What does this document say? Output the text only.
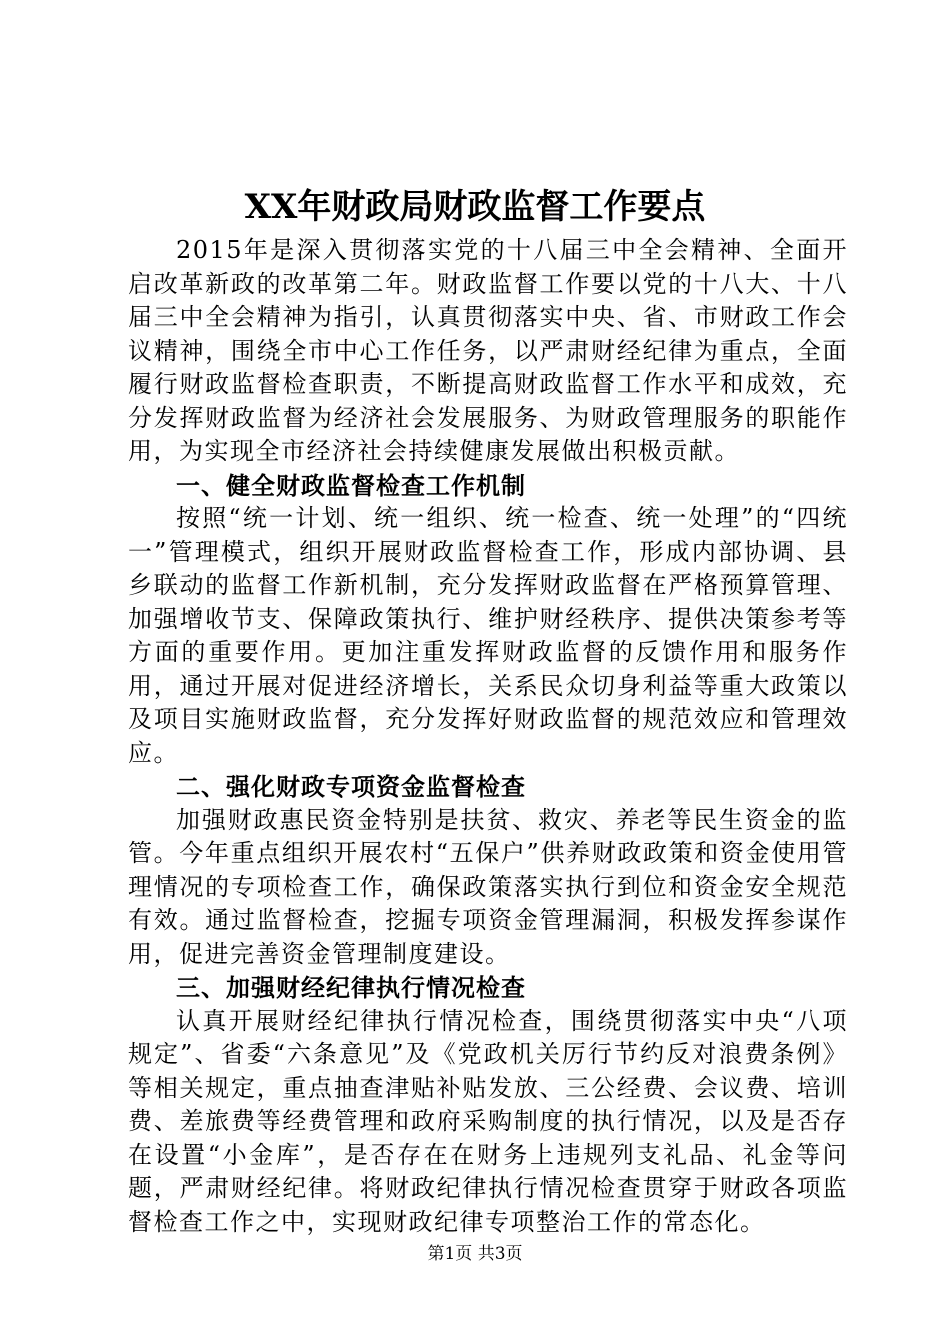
XX年财政局财政监督工作要点

2015年是深入贯彻落实党的十八届三中全会精神、全面开启改革新政的改革第二年。财政监督工作要以党的十八大、十八届三中全会精神为指引，认真贯彻落实中央、省、市财政工作会议精神，围绕全市中心工作任务，以严肃财经纪律为重点，全面履行财政监督检查职责，不断提高财政监督工作水平和成效，充分发挥财政监督为经济社会发展服务、为财政管理服务的职能作用，为实现全市经济社会持续健康发展做出积极贡献。

一、健全财政监督检查工作机制

按照“统一计划、统一组织、统一检查、统一处理”的“四统一”管理模式，组织开展财政监督检查工作，形成内部协调、县乡联动的监督工作新机制，充分发挥财政监督在严格预算管理、加强增收节支、保障政策执行、维护财经秩序、提供决策参考等方面的重要作用。更加注重发挥财政监督的反馈作用和服务作用，通过开展对促进经济增长，关系民众切身利益等重大政策以及项目实施财政监督，充分发挥好财政监督的规范效应和管理效应。

二、强化财政专项资金监督检查

加强财政惠民资金特别是扶贫、救灾、养老等民生资金的监管。今年重点组织开展农村“五保户”供养财政政策和资金使用管理情况的专项检查工作，确保政策落实执行到位和资金安全规范有效。通过监督检查，挖掘专项资金管理漏洞，积极发挥参谋作用，促进完善资金管理制度建设。

三、加强财经纪律执行情况检查

认真开展财经纪律执行情况检查，围绕贯彻落实中央“八项规定”、省委“六条意见”及《党政机关厉行节约反对浪费条例》等相关规定，重点抽查津贴补贴发放、三公经费、会议费、培训费、差旅费等经费管理和政府采购制度的执行情况，以及是否存在设置“小金库”，是否存在在财务上违规列支礼品、礼金等问题，严肃财经纪律。将财政纪律执行情况检查贯穿于财政各项监督检查工作之中，实现财政纪律专项整治工作的常态化。

第1页 共3页
